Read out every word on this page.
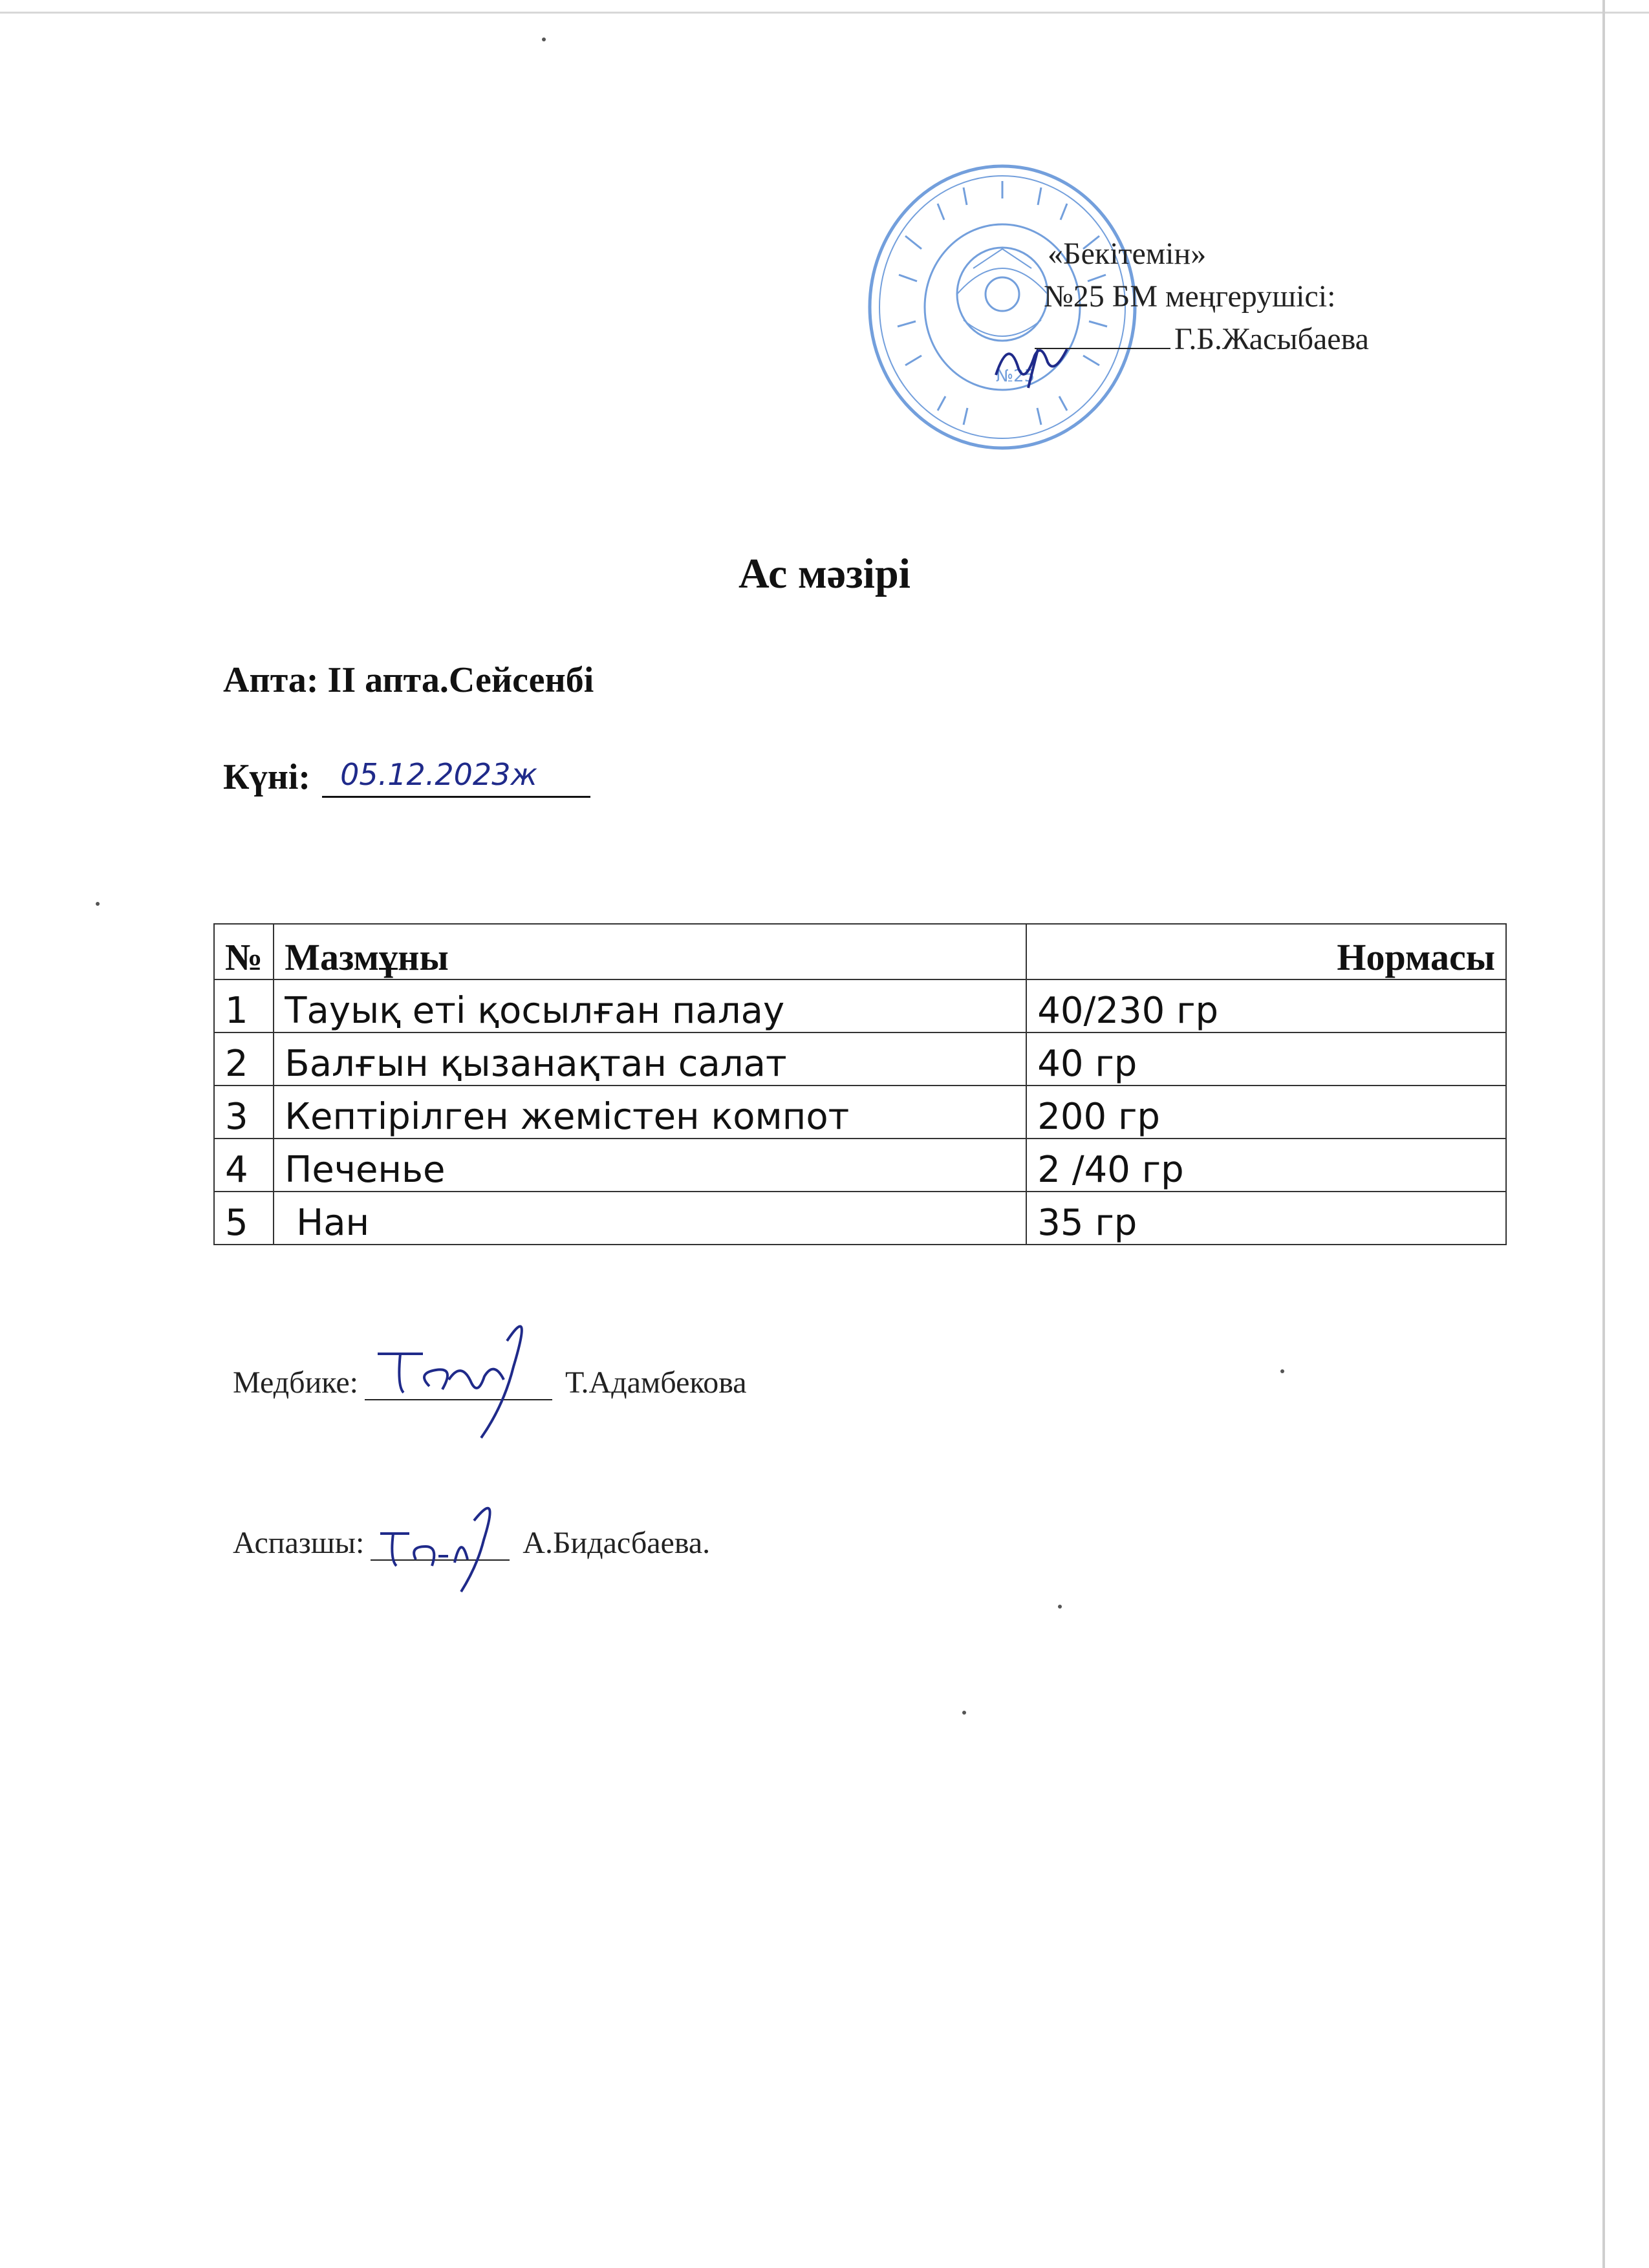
№25
«Бекітемін»
№25 БМ меңгерушісі:
Г.Б.Жасыбаева
Ас мәзірі
Апта: ІІ апта.Сейсенбі
Күні: 05.12.2023ж
№	Мазмұны	Нормасы
1	Тауық еті қосылған палау	40/230 гр
2	Балғын қызанақтан салат	40 гр
3	Кептірілген жемістен компот	200 гр
4	Печенье	2 /40 гр
5	Нан	35 гр
Медбике:	Т.Адамбекова
Аспазшы:	А.Бидасбаева.
